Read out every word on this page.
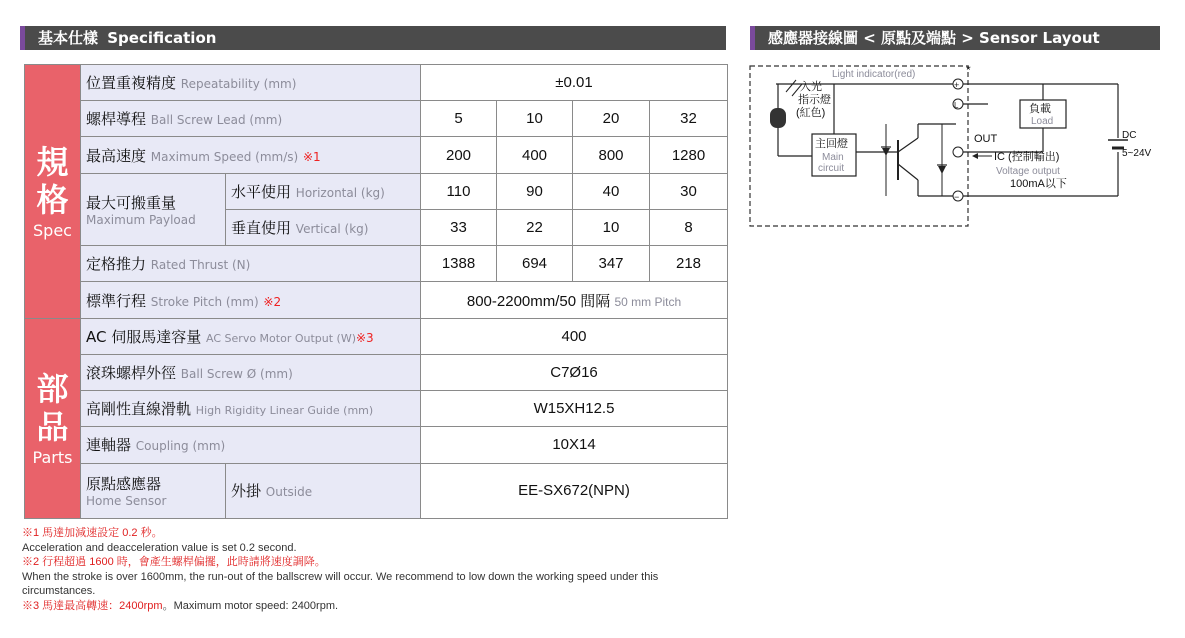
基本仕樣 Specification	感應器接線圖 < 原點及端點 > Sensor Layout
規格
Spec	位置重複精度 Repeatability (mm)		±0.01			
	螺桿導程 Ball Screw Lead (mm)		5	10	20	32
	最高速度 Maximum Speed (mm/s) ※1		200	400	800	1280
	最大可搬重量
Maximum Payload	水平使用 Horizontal (kg)	110	90	40	30
		垂直使用 Vertical (kg)	33	22	10	8
	定格推力 Rated Thrust (N)		1388	694	347	218
	標準行程 Stroke Pitch (mm) ※2		800-2200mm/50 間隔 50 mm Pitch			

部品
Parts	AC 伺服馬達容量 AC Servo Motor Output (W)※3		400			
	滾珠螺桿外徑 Ball Screw Ø (mm)		C7Ø16			
	高剛性直線滑軌 High Rigidity Linear Guide (mm)		W15XH12.5			
	連軸器 Coupling (mm)		10X14			
	原點感應器
Home Sensor	外掛 Outside	EE-SX672(NPN)			
※1 馬達加減速設定 0.2 秒。
Acceleration and deacceleration value is set 0.2 second.
※2 行程超過 1600 時，會產生螺桿偏擺，此時請將速度調降。
When the stroke is over 1600mm, the run-out of the ballscrew will occur. We recommend to low down the working speed under this circumstances.
※3 馬達最高轉速：2400rpm。Maximum motor speed: 2400rpm.
Light indicator(red)
入光
指示燈
(紅色)
*
負載
Load
主回燈
Main
circuit
OUT
IC (控制輸出)
Voltage output
100mA以下
DC
5~24V
+
−
L
